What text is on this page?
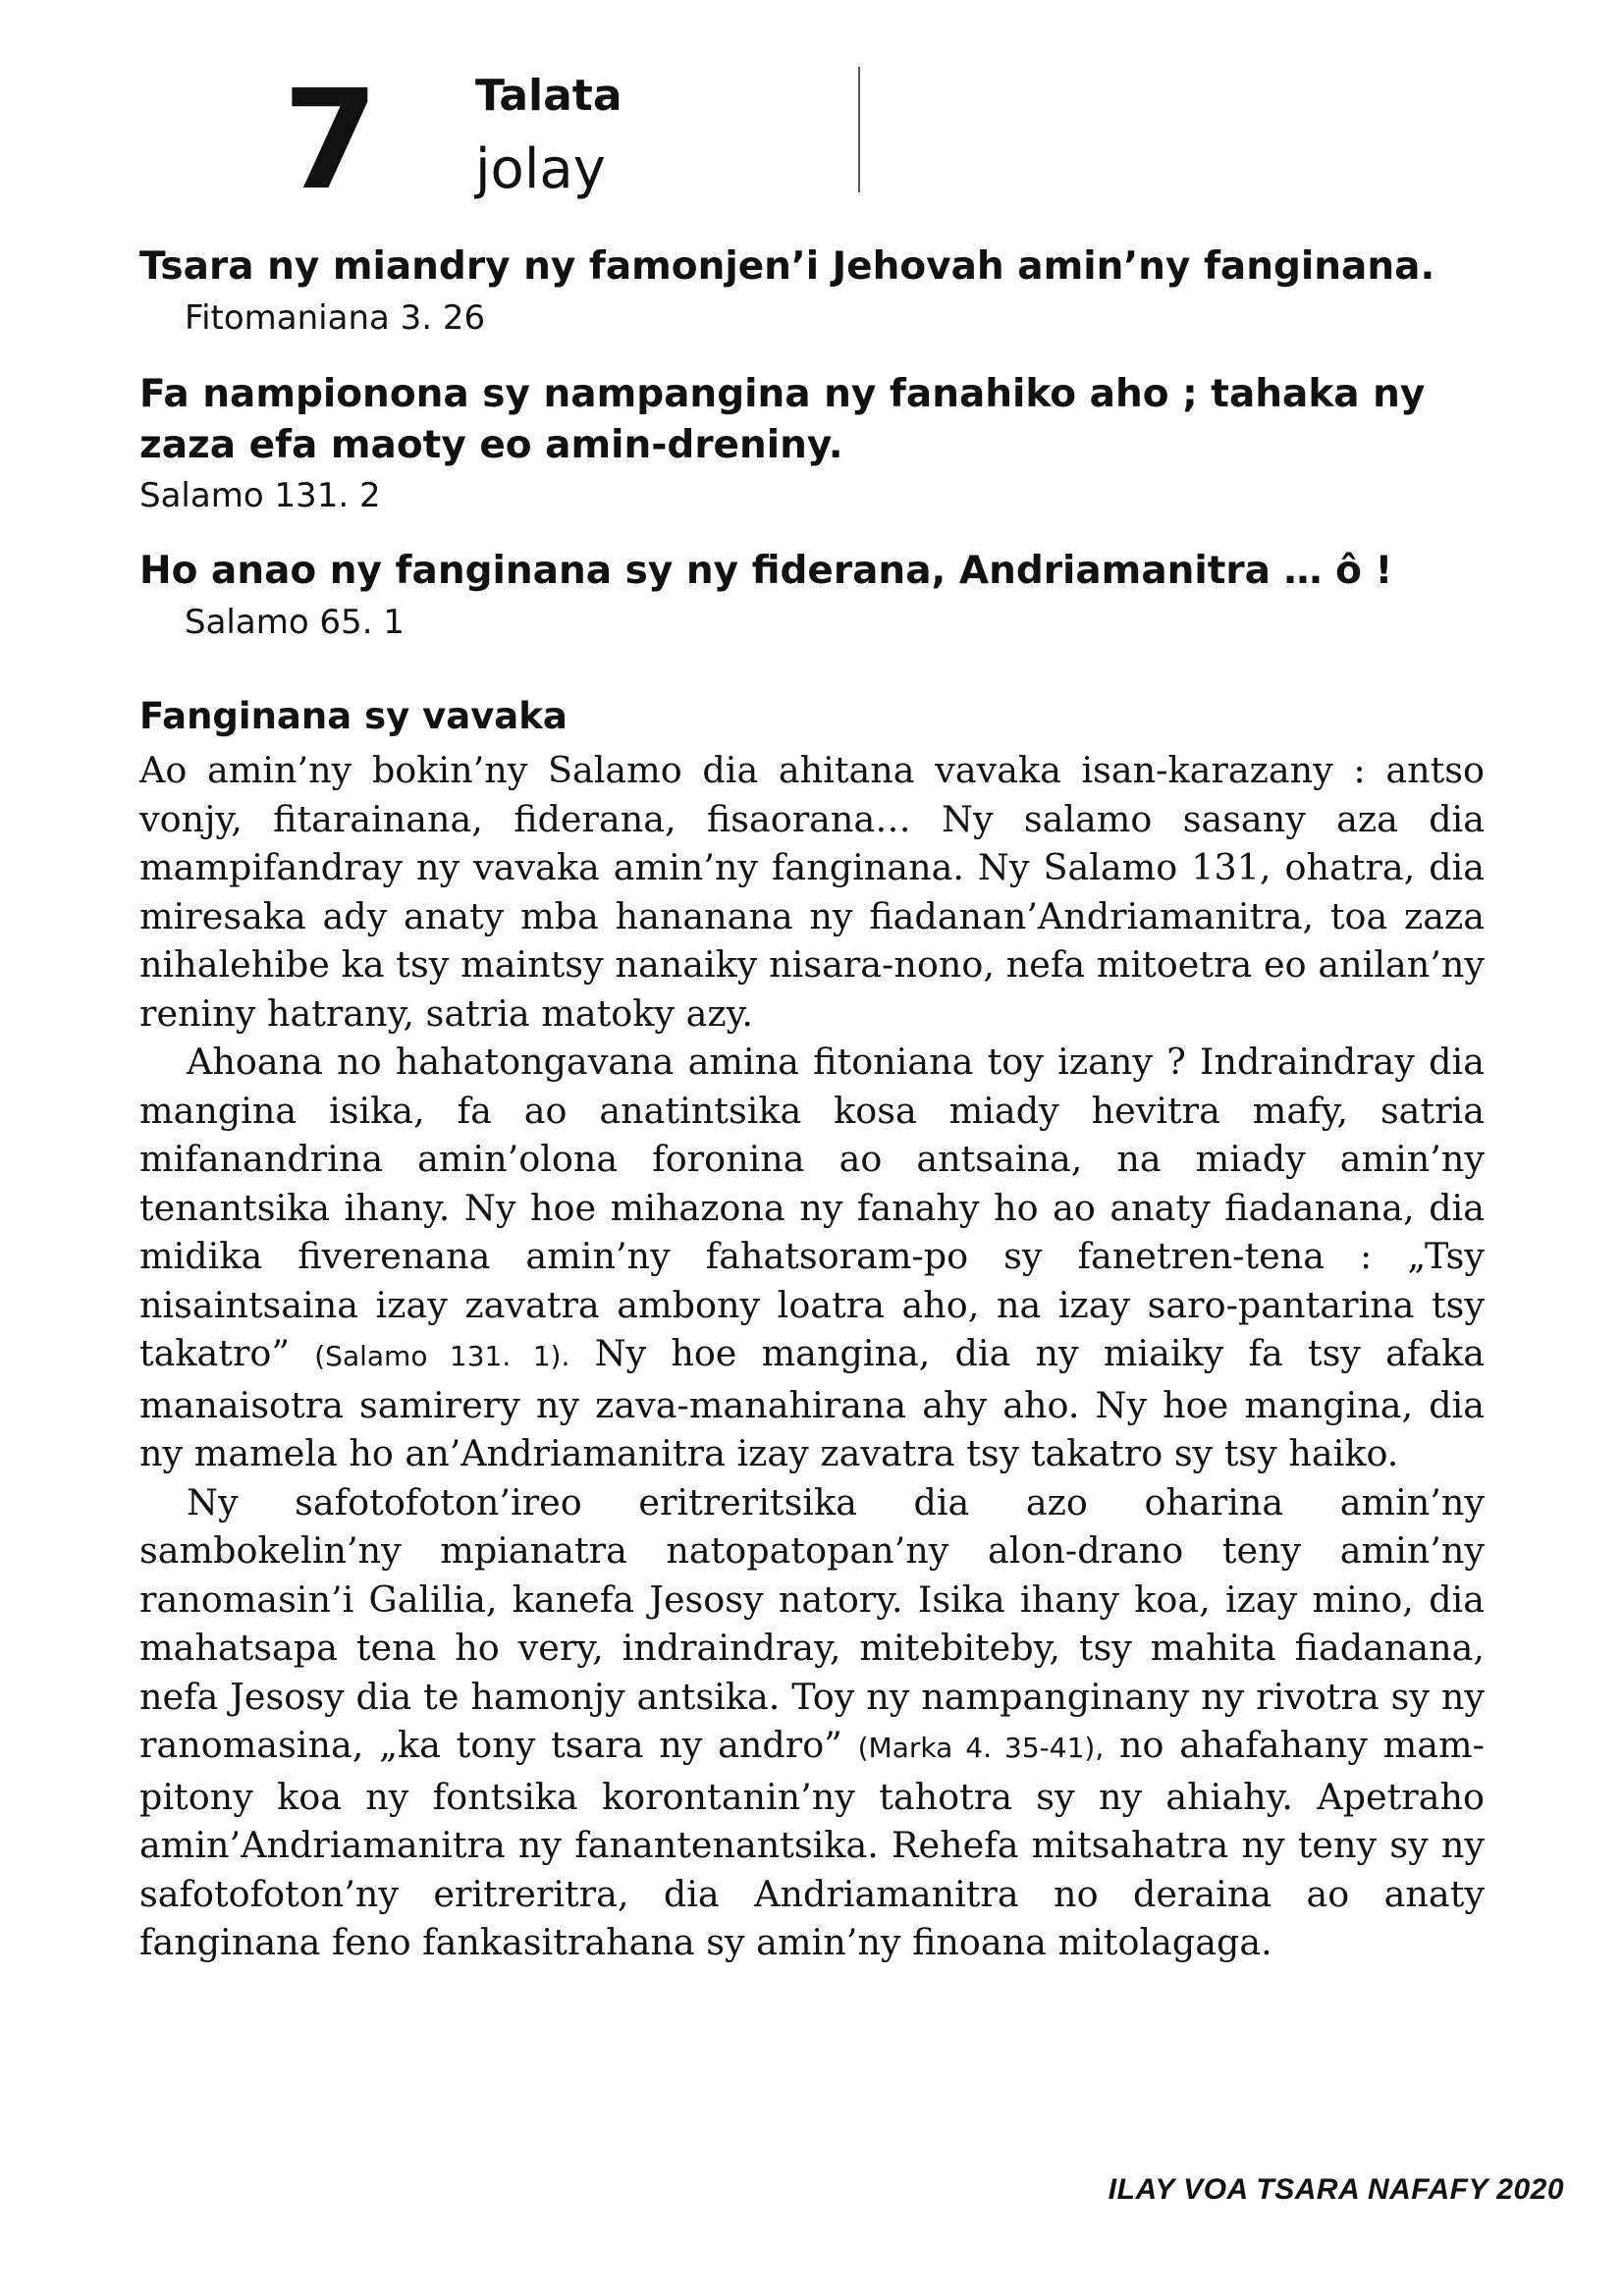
7 Talata
jolay
Tsara ny miandry ny famonjen’i Jehovah amin’ny fanginana. Fitomaniana 3. 26
Fa nampionona sy nampangina ny fanahiko aho ; tahaka ny zaza efa maoty eo amin-dreniny.
Salamo 131. 2
Ho anao ny fanginana sy ny fiderana, Andriamanitra … ô ! Salamo 65. 1
Fanginana sy vavaka

Ao amin’ny bokin’ny Salamo dia ahitana vavaka isan-karazany : antso vonjy, fitarainana, fiderana, fisaorana… Ny salamo sasany aza dia mampifandray ny vavaka amin’ny fanginana. Ny Salamo 131, ohatra, dia miresaka ady anaty mba hananana ny fiadanan’Andriamanitra, toa zaza nihalehibe ka tsy maintsy nanaiky nisara-nono, nefa mitoetra eo anilan’ny reniny hatrany, satria matoky azy.

Ahoana no hahatongavana amina fitoniana toy izany ? Indraindray dia mangina isika, fa ao anatintsika kosa miady hevitra mafy, satria mifanandrina amin’olona foronina ao antsaina, na miady amin’ny tenantsika ihany. Ny hoe mihazona ny fanahy ho ao anaty fiadanana, dia midika fiverenana amin’ny fahatsoram-po sy fanetren-tena : „Tsy nisaintsaina izay zavatra ambony loatra aho, na izay saro-pantarina tsy takatro” (Salamo 131. 1). Ny hoe mangina, dia ny miaiky fa tsy afaka manaisotra samirery ny zava-manahirana ahy aho. Ny hoe mangina, dia ny mamela ho an’Andriamanitra izay zavatra tsy takatro sy tsy haiko.

Ny safotofoton’ireo eritreritsika dia azo oharina amin’ny sambokelin’ny mpianatra natopatopan’ny alon-drano teny amin’ny ranomasin’i Galilia, kanefa Jesosy natory. Isika ihany koa, izay mino, dia mahatsapa tena ho very, indraindray, mitebiteby, tsy mahita fiadanana, nefa Jesosy dia te hamonjy antsika. Toy ny nampanginany ny rivotra sy ny ranomasina, „ka tony tsara ny andro” (Marka 4. 35-41), no ahafahany mampitony koa ny fontsika korontanin’ny tahotra sy ny ahiahy. Apetraho amin’Andriamanitra ny fanantenantsika. Rehefa mitsahatra ny teny sy ny safotofoton’ny eritreritra, dia Andriamanitra no deraina ao anaty fanginana feno fankasitrahana sy amin’ny finoana mitolagaga.

ILAY VOA TSARA NAFAFY 2020
